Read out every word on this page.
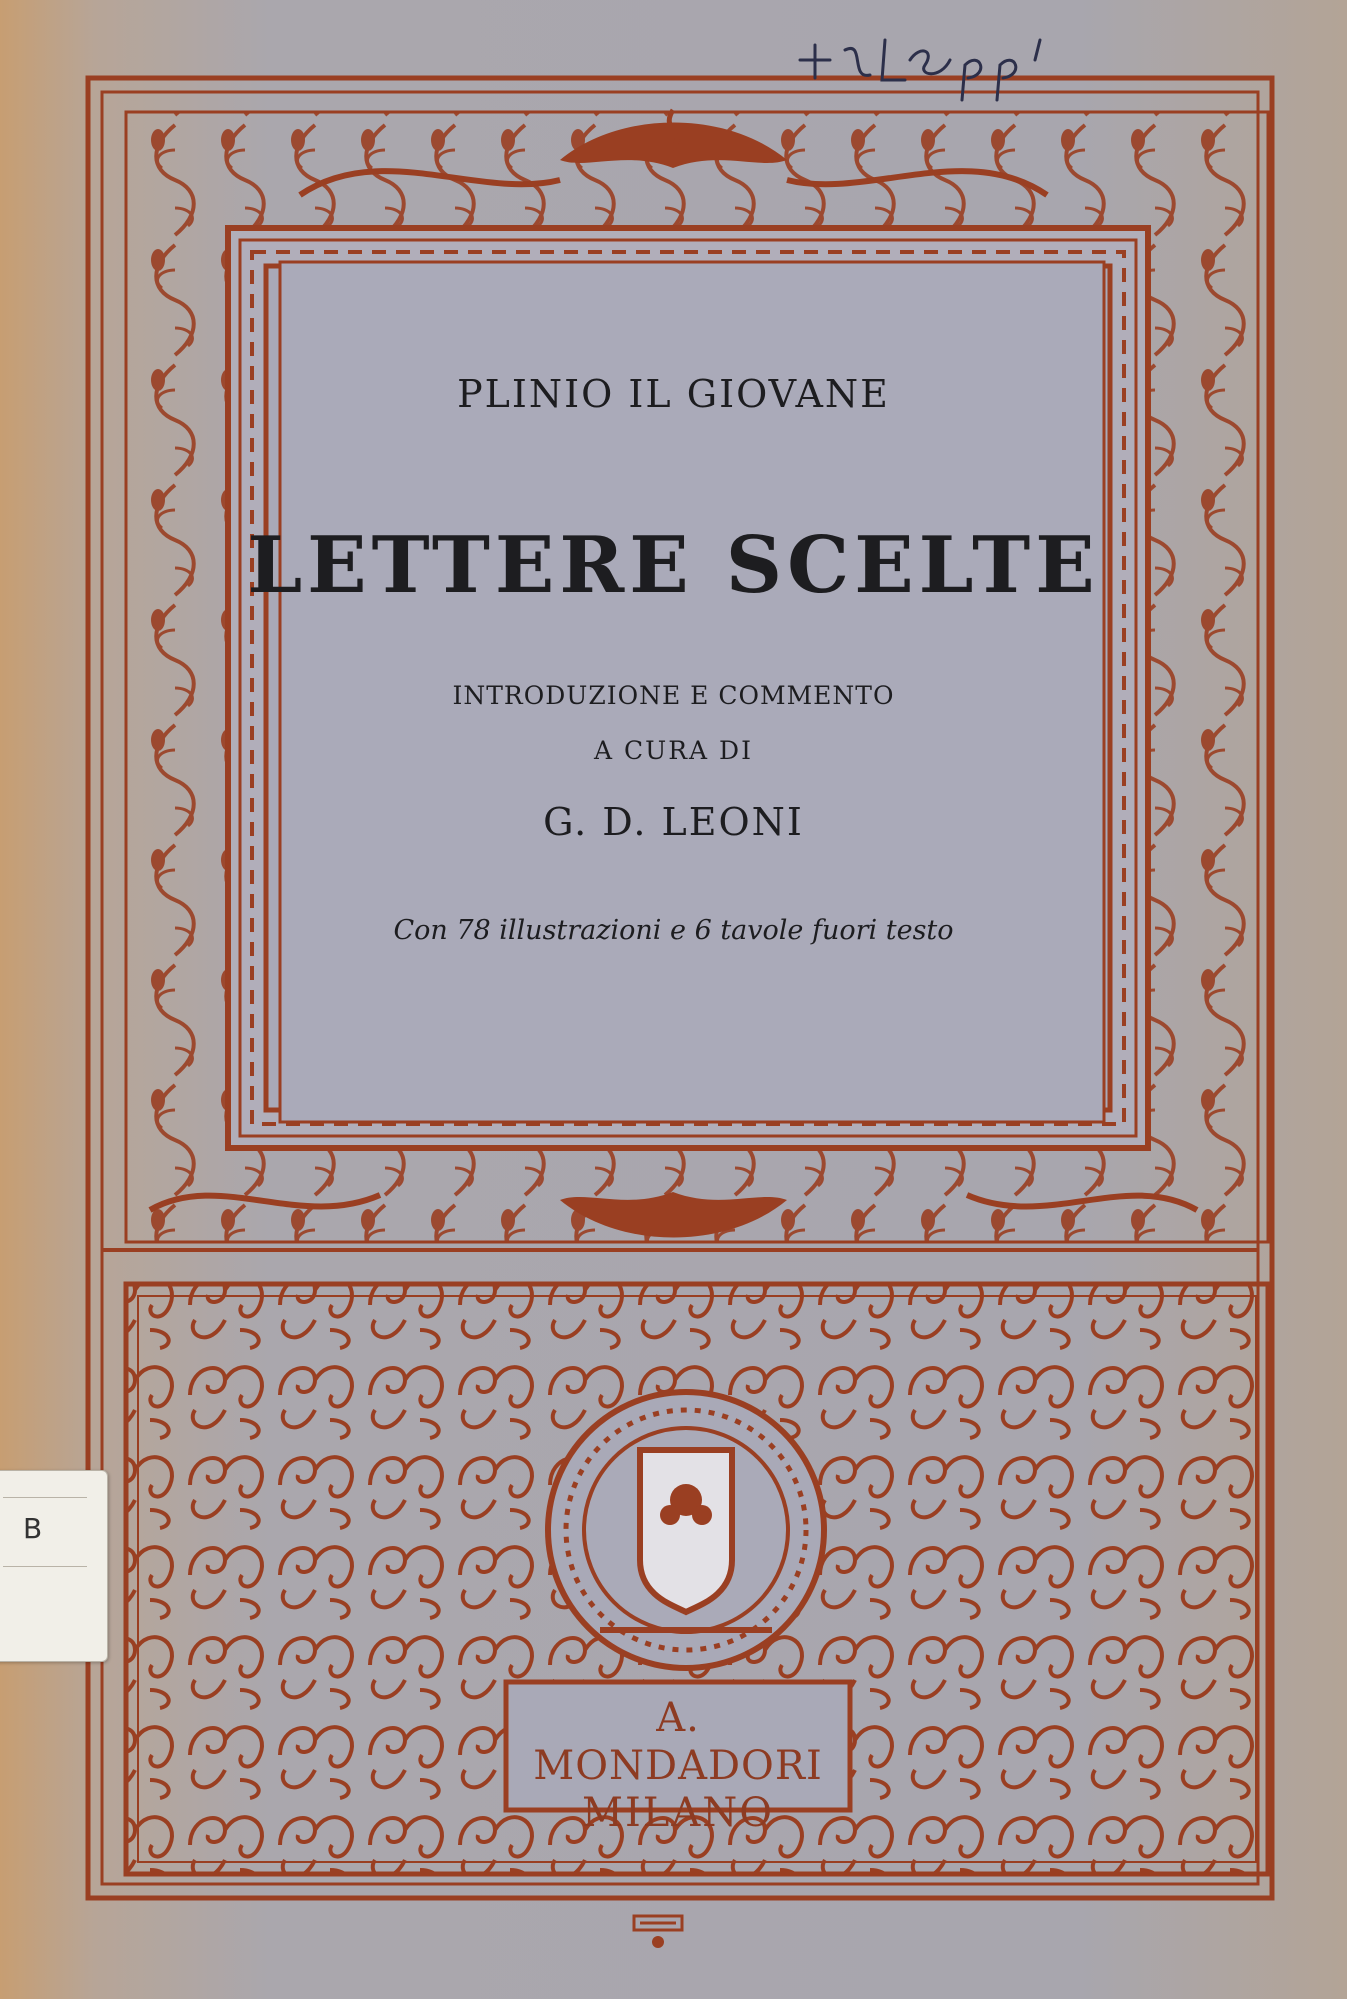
PLINIO IL GIOVANE
LETTERE SCELTE
INTRODUZIONE E COMMENTO
A CURA DI
G. D. LEONI
Con 78 illustrazioni e 6 tavole fuori testo
A. MONDADORI
MILANO
B
